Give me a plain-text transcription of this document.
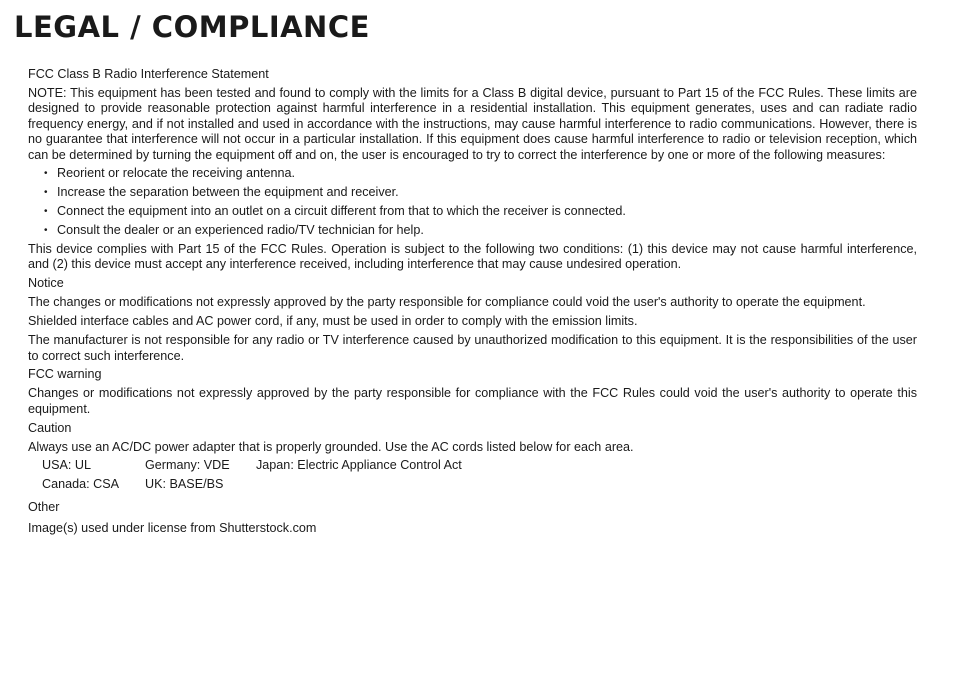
LEGAL / COMPLIANCE
FCC Class B Radio Interference Statement

NOTE: This equipment has been tested and found to comply with the limits for a Class B digital device, pursuant to Part 15 of the FCC Rules. These limits are designed to provide reasonable protection against harmful interference in a residential installation. This equipment generates, uses and can radiate radio frequency energy, and if not installed and used in accordance with the instructions, may cause harmful interference to radio communications. However, there is no guarantee that interference will not occur in a particular installation. If this equipment does cause harmful interference to radio or television reception, which can be determined by turning the equipment off and on, the user is encouraged to try to correct the interference by one or more of the following measures:

• Reorient or relocate the receiving antenna.
• Increase the separation between the equipment and receiver.
• Connect the equipment into an outlet on a circuit different from that to which the receiver is connected.
• Consult the dealer or an experienced radio/TV technician for help.

This device complies with Part 15 of the FCC Rules. Operation is subject to the following two conditions: (1) this device may not cause harmful interference, and (2) this device must accept any interference received, including interference that may cause undesired operation.

Notice

The changes or modifications not expressly approved by the party responsible for compliance could void the user's authority to operate the equipment.

Shielded interface cables and AC power cord, if any, must be used in order to comply with the emission limits.

The manufacturer is not responsible for any radio or TV interference caused by unauthorized modification to this equipment. It is the responsibilities of the user to correct such interference.

FCC warning

Changes or modifications not expressly approved by the party responsible for compliance with the FCC Rules could void the user's authority to operate this equipment.

Caution

Always use an AC/DC power adapter that is properly grounded. Use the AC cords listed below for each area.

USA: UL	Germany: VDE	Japan: Electric Appliance Control Act
Canada: CSA	UK: BASE/BS	
Other

Image(s) used under license from Shutterstock.com
